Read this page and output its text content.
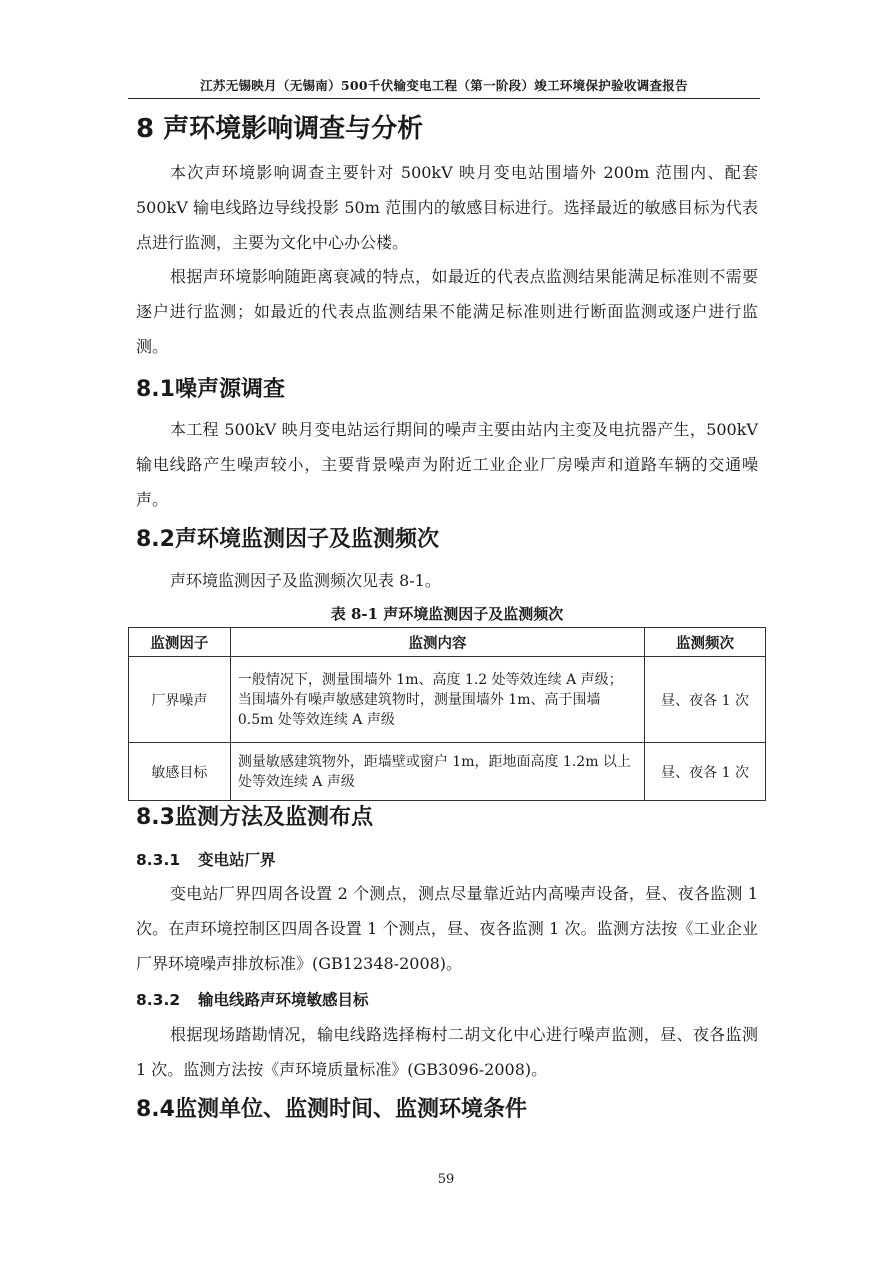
江苏无锡映月（无锡南）500千伏输变电工程（第一阶段）竣工环境保护验收调查报告
8 声环境影响调查与分析
本次声环境影响调查主要针对 500kV 映月变电站围墙外 200m 范围内、配套 500kV 输电线路边导线投影 50m 范围内的敏感目标进行。选择最近的敏感目标为代表点进行监测，主要为文化中心办公楼。
根据声环境影响随距离衰减的特点，如最近的代表点监测结果能满足标准则不需要逐户进行监测；如最近的代表点监测结果不能满足标准则进行断面监测或逐户进行监测。
8.1噪声源调查
本工程 500kV 映月变电站运行期间的噪声主要由站内主变及电抗器产生，500kV 输电线路产生噪声较小，主要背景噪声为附近工业企业厂房噪声和道路车辆的交通噪声。
8.2声环境监测因子及监测频次
声环境监测因子及监测频次见表 8-1。
表 8-1 声环境监测因子及监测频次
监测因子	监测内容	监测频次
厂界噪声	一般情况下，测量围墙外 1m、高度 1.2 处等效连续 A 声级；
当围墙外有噪声敏感建筑物时，测量围墙外 1m、高于围墙 0.5m 处等效连续 A 声级	昼、夜各 1 次
敏感目标	测量敏感建筑物外，距墙壁或窗户 1m，距地面高度 1.2m 以上处等效连续 A 声级	昼、夜各 1 次
8.3监测方法及监测布点
8.3.1 变电站厂界
变电站厂界四周各设置 2 个测点，测点尽量靠近站内高噪声设备，昼、夜各监测 1 次。在声环境控制区四周各设置 1 个测点，昼、夜各监测 1 次。监测方法按《工业企业厂界环境噪声排放标准》(GB12348-2008)。
8.3.2 输电线路声环境敏感目标
根据现场踏勘情况，输电线路选择梅村二胡文化中心进行噪声监测，昼、夜各监测 1 次。监测方法按《声环境质量标准》(GB3096-2008)。
8.4监测单位、监测时间、监测环境条件
59
